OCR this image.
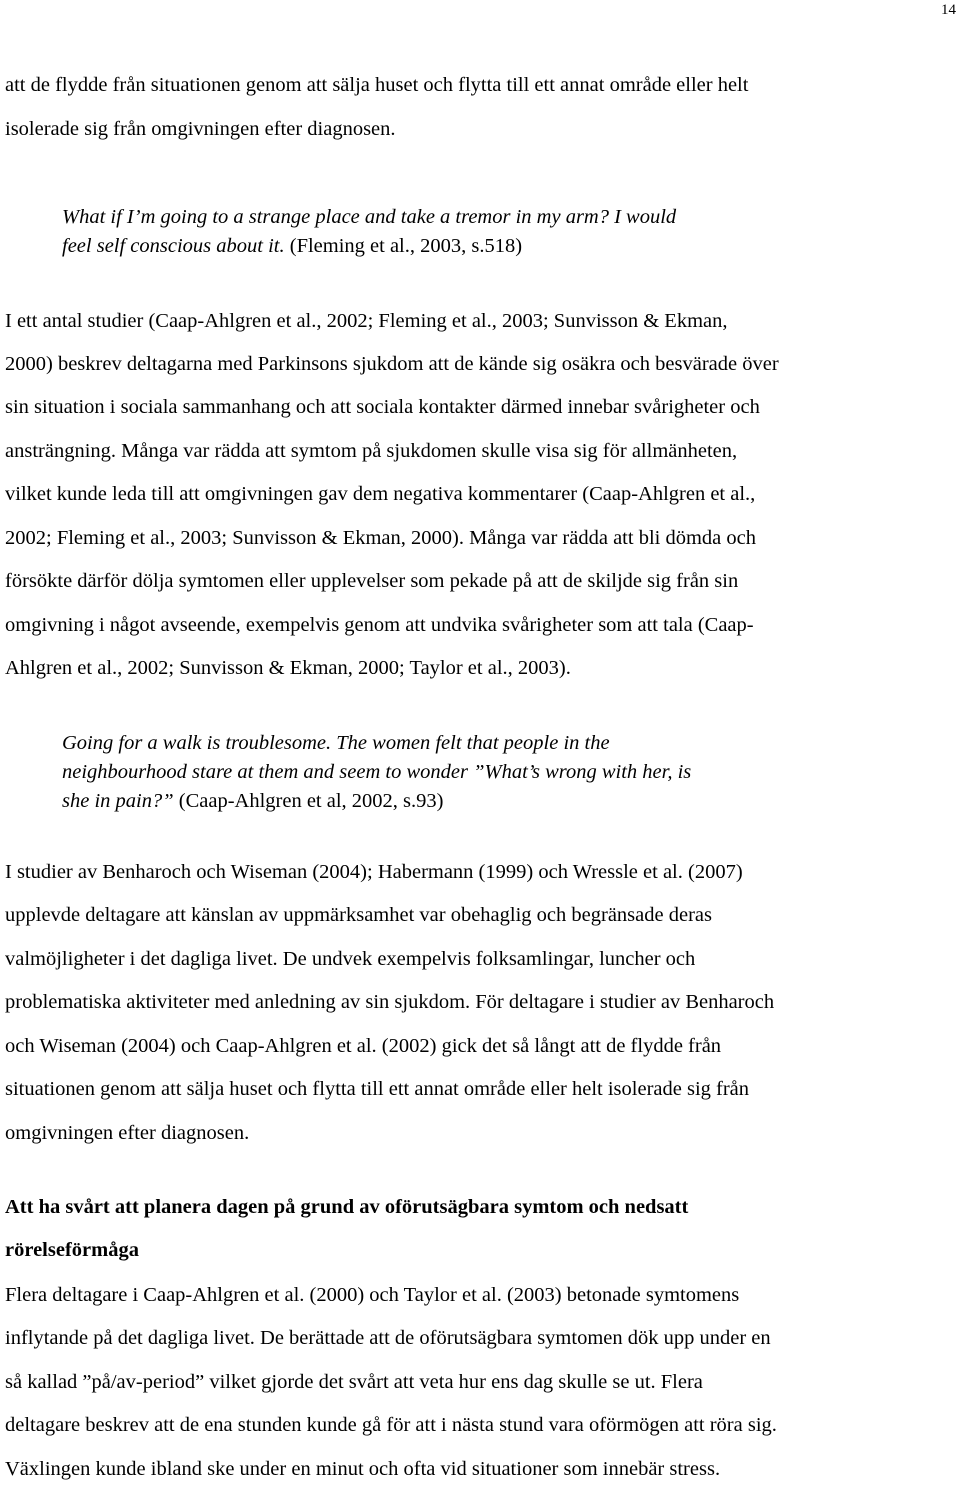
14
att de flydde från situationen genom att sälja huset och flytta till ett annat område eller helt
isolerade sig från omgivningen efter diagnosen.
What if I’m going to a strange place and take a tremor in my arm? I would
feel self conscious about it. (Fleming et al., 2003, s.518)
I ett antal studier (Caap-Ahlgren et al., 2002; Fleming et al., 2003; Sunvisson & Ekman,
2000) beskrev deltagarna med Parkinsons sjukdom att de kände sig osäkra och besvärade över
sin situation i sociala sammanhang och att sociala kontakter därmed innebar svårigheter och
ansträngning. Många var rädda att symtom på sjukdomen skulle visa sig för allmänheten,
vilket kunde leda till att omgivningen gav dem negativa kommentarer (Caap-Ahlgren et al.,
2002; Fleming et al., 2003; Sunvisson & Ekman, 2000). Många var rädda att bli dömda och
försökte därför dölja symtomen eller upplevelser som pekade på att de skiljde sig från sin
omgivning i något avseende, exempelvis genom att undvika svårigheter som att tala (Caap-
Ahlgren et al., 2002; Sunvisson & Ekman, 2000; Taylor et al., 2003).
Going for a walk is troublesome. The women felt that people in the
neighbourhood stare at them and seem to wonder ”What’s wrong with her, is
she in pain?” (Caap-Ahlgren et al, 2002, s.93)
I studier av Benharoch och Wiseman (2004); Habermann (1999) och Wressle et al. (2007)
upplevde deltagare att känslan av uppmärksamhet var obehaglig och begränsade deras
valmöjligheter i det dagliga livet. De undvek exempelvis folksamlingar, luncher och
problematiska aktiviteter med anledning av sin sjukdom. För deltagare i studier av Benharoch
och Wiseman (2004) och Caap-Ahlgren et al. (2002) gick det så långt att de flydde från
situationen genom att sälja huset och flytta till ett annat område eller helt isolerade sig från
omgivningen efter diagnosen.
Att ha svårt att planera dagen på grund av oförutsägbara symtom och nedsatt
rörelseförmåga
Flera deltagare i Caap-Ahlgren et al. (2000) och Taylor et al. (2003) betonade symtomens
inflytande på det dagliga livet. De berättade att de oförutsägbara symtomen dök upp under en
så kallad ”på/av-period” vilket gjorde det svårt att veta hur ens dag skulle se ut. Flera
deltagare beskrev att de ena stunden kunde gå för att i nästa stund vara oförmögen att röra sig.
Växlingen kunde ibland ske under en minut och ofta vid situationer som innebär stress.
